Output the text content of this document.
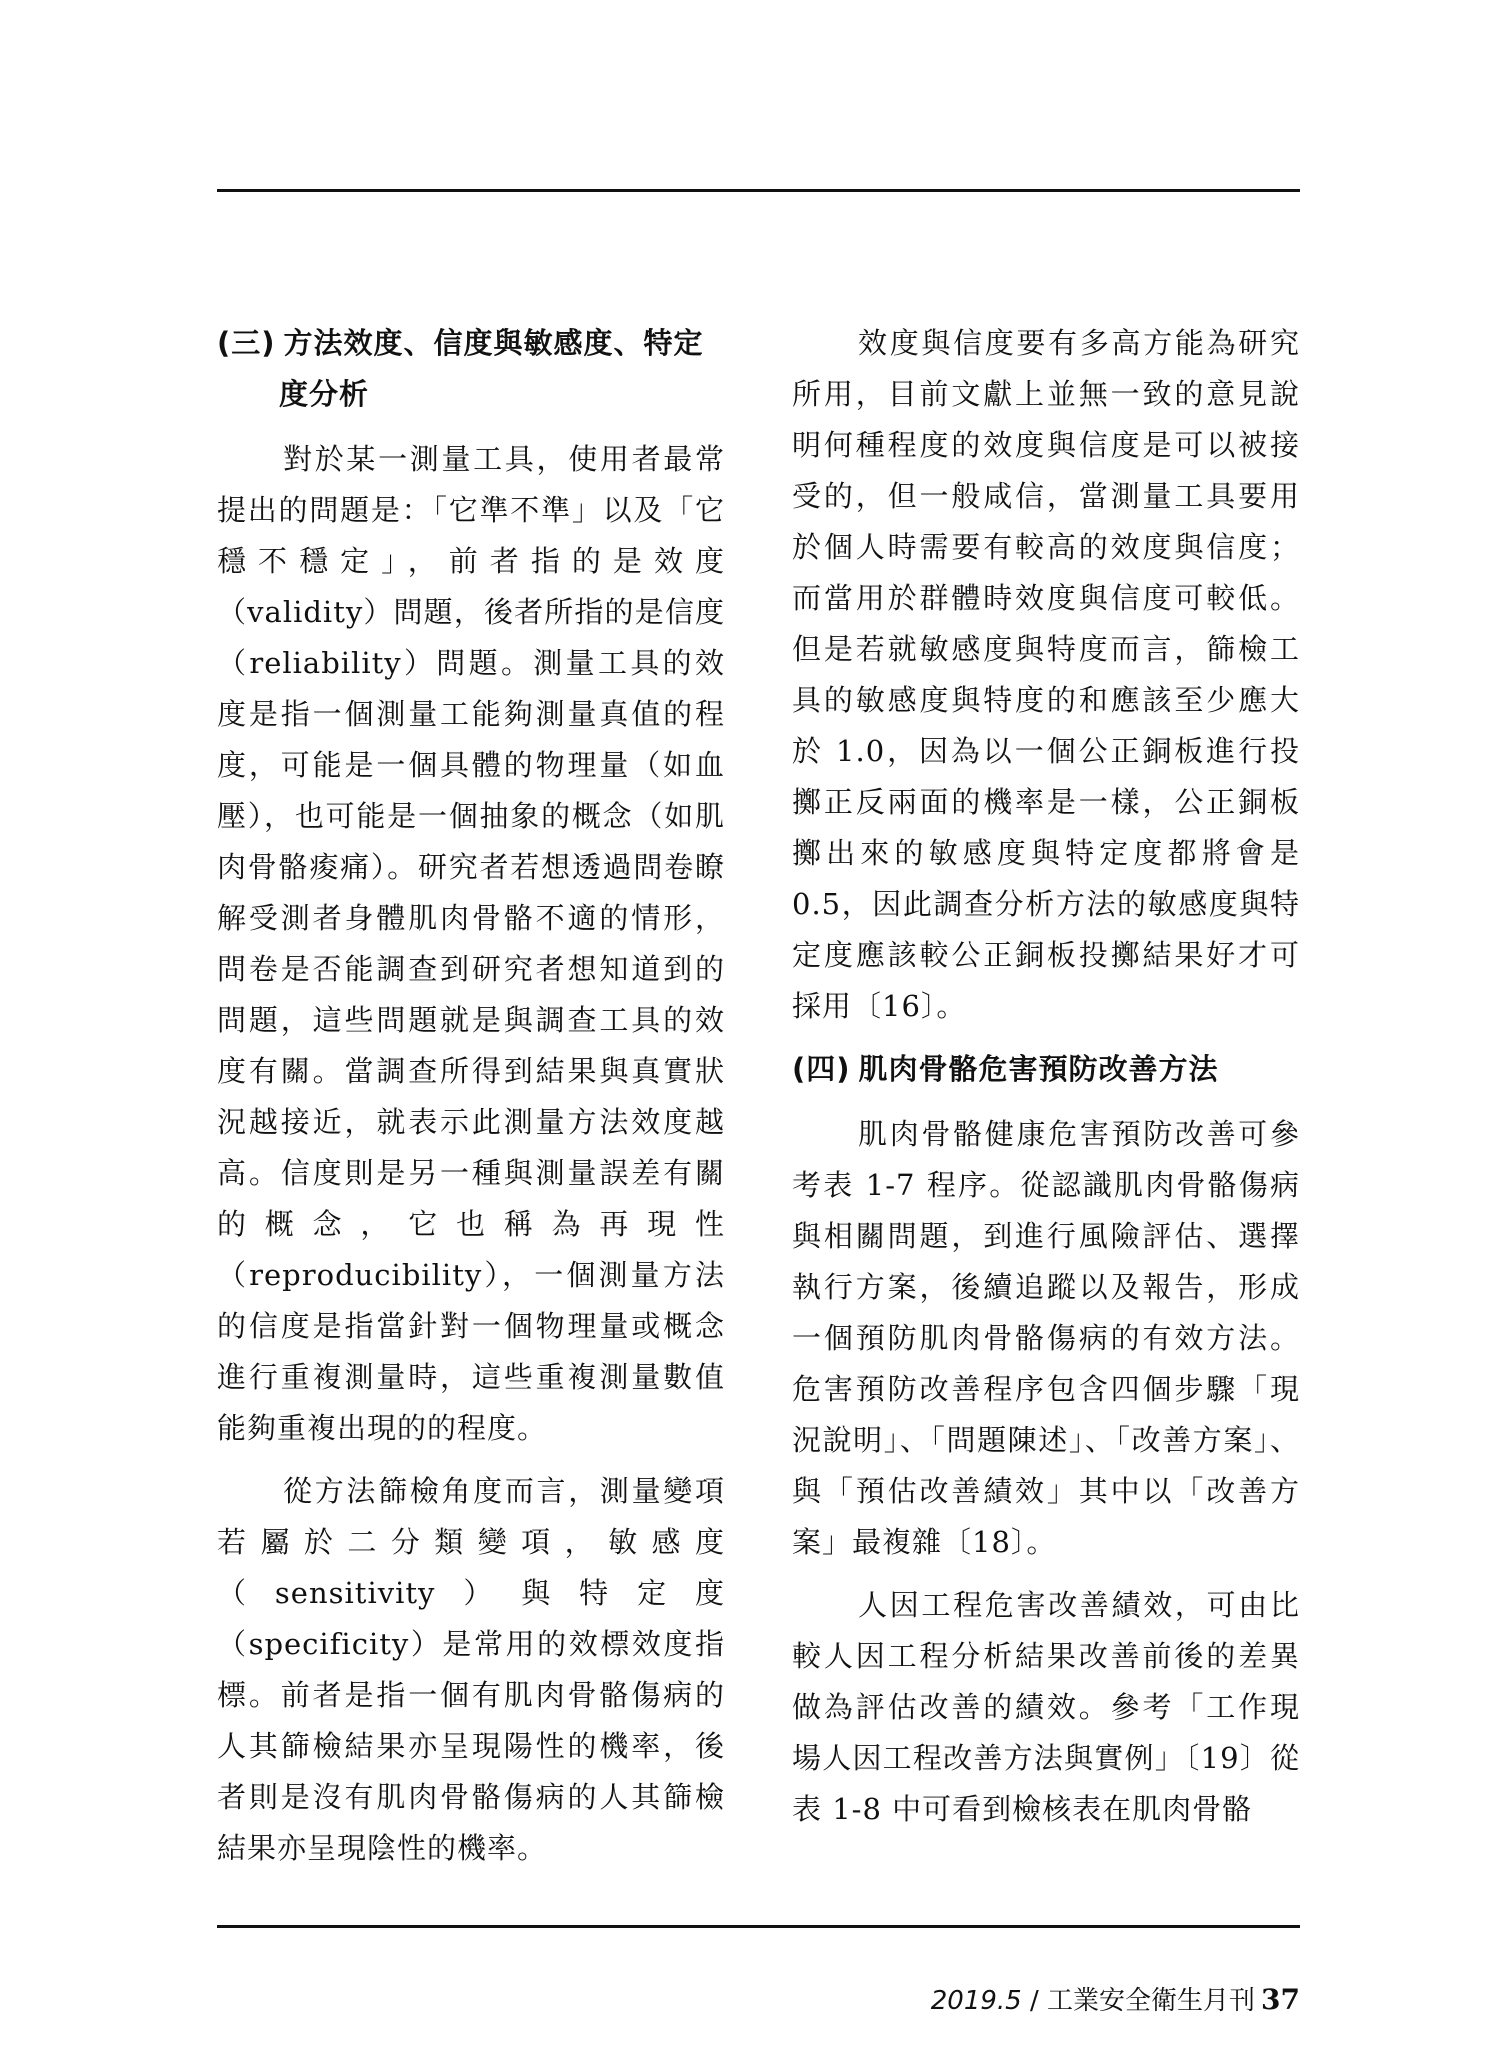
(三) 方法效度、信度與敏感度、特定
度分析

對於某一測量工具，使用者最常提出的問題是：「它準不準」以及「它穩不穩定」，前者指的是效度（validity）問題，後者所指的是信度（reliability）問題。測量工具的效度是指一個測量工能夠測量真值的程度，可能是一個具體的物理量（如血壓），也可能是一個抽象的概念（如肌肉骨骼痠痛）。研究者若想透過問卷瞭解受測者身體肌肉骨骼不適的情形，問卷是否能調查到研究者想知道到的問題，這些問題就是與調查工具的效度有關。當調查所得到結果與真實狀況越接近，就表示此測量方法效度越高。信度則是另一種與測量誤差有關的概念，它也稱為再現性（reproducibility），一個測量方法的信度是指當針對一個物理量或概念進行重複測量時，這些重複測量數值能夠重複出現的的程度。

從方法篩檢角度而言，測量變項若屬於二分類變項，敏感度（sensitivity）與特定度（specificity）是常用的效標效度指標。前者是指一個有肌肉骨骼傷病的人其篩檢結果亦呈現陽性的機率，後者則是沒有肌肉骨骼傷病的人其篩檢結果亦呈現陰性的機率。

效度與信度要有多高方能為研究所用，目前文獻上並無一致的意見說明何種程度的效度與信度是可以被接受的，但一般咸信，當測量工具要用於個人時需要有較高的效度與信度；而當用於群體時效度與信度可較低。但是若就敏感度與特度而言，篩檢工具的敏感度與特度的和應該至少應大於 1.0，因為以一個公正銅板進行投擲正反兩面的機率是一樣，公正銅板擲出來的敏感度與特定度都將會是 0.5，因此調查分析方法的敏感度與特定度應該較公正銅板投擲結果好才可採用〔16〕。

(四) 肌肉骨骼危害預防改善方法

肌肉骨骼健康危害預防改善可參考表 1-7 程序。從認識肌肉骨骼傷病與相關問題，到進行風險評估、選擇執行方案，後續追蹤以及報告，形成一個預防肌肉骨骼傷病的有效方法。危害預防改善程序包含四個步驟「現況說明」、「問題陳述」、「改善方案」、與「預估改善績效」其中以「改善方案」最複雜〔18〕。

人因工程危害改善績效，可由比較人因工程分析結果改善前後的差異做為評估改善的績效。參考「工作現場人因工程改善方法與實例」〔19〕從表 1-8 中可看到檢核表在肌肉骨骼

2019.5 / 工業安全衛生月刊 37
